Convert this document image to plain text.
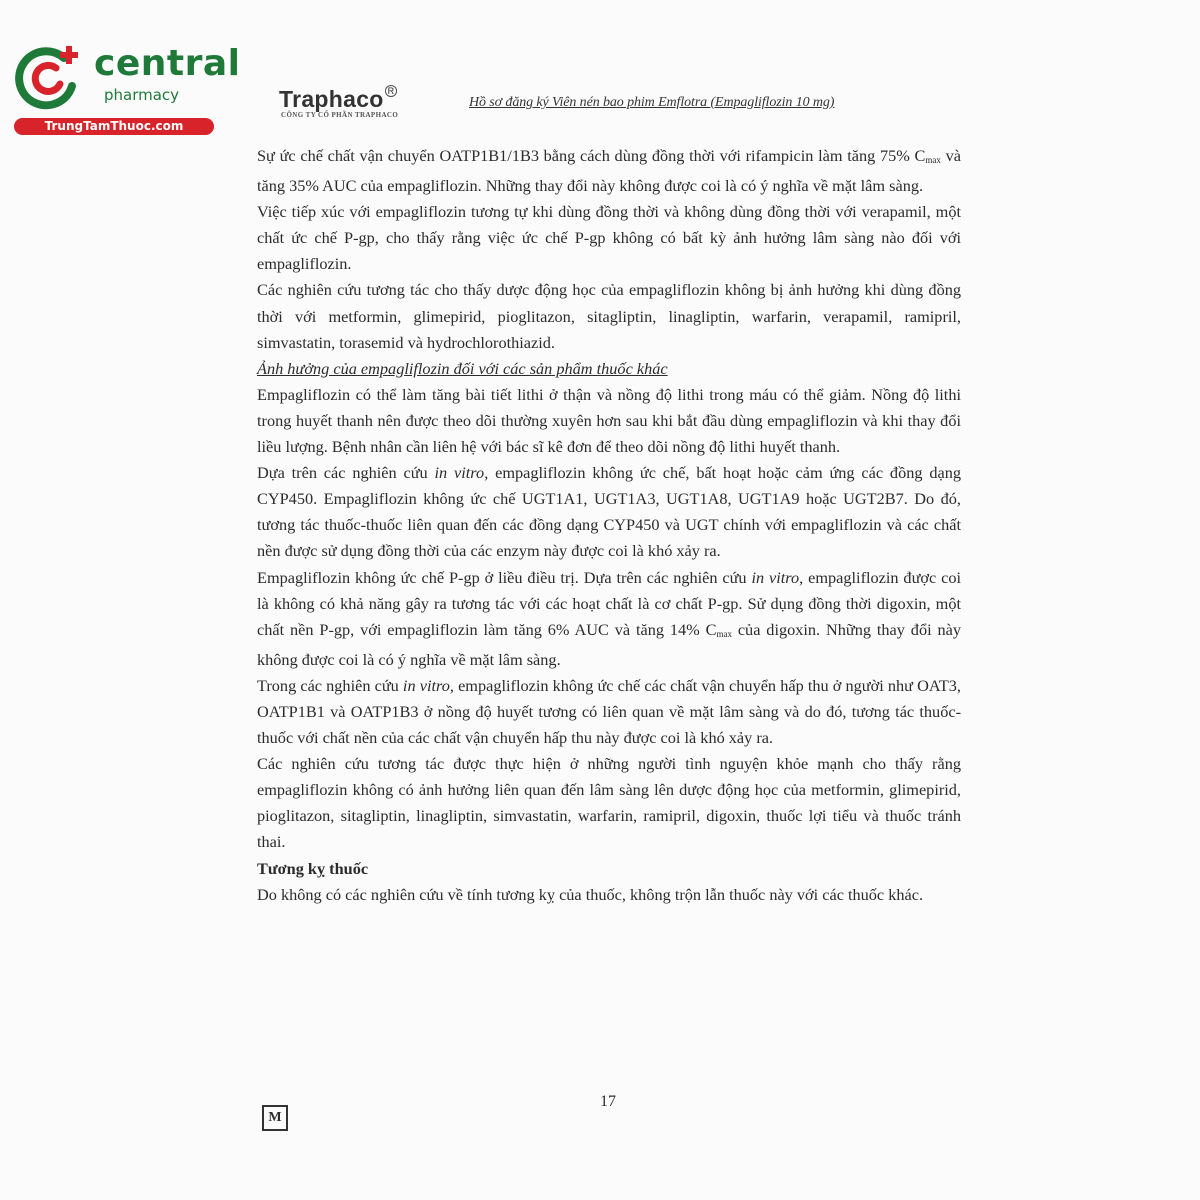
central
pharmacy
TrungTamThuoc.com
Traphaco $^R$
CÔNG TY CỔ PHẦN TRAPHACO
Hồ sơ đăng ký Viên nén bao phim Emflotra (Empagliflozin 10 mg)

Sự ức chế chất vận chuyển OATP1B1/1B3 bằng cách dùng đồng thời với rifampicin làm tăng 75% $C_{max}$ và tăng 35% AUC của empagliflozin. Những thay đổi này không được coi là có ý nghĩa về mặt lâm sàng.

Việc tiếp xúc với empagliflozin tương tự khi dùng đồng thời và không dùng đồng thời với verapamil, một chất ức chế P-gp, cho thấy rằng việc ức chế P-gp không có bất kỳ ảnh hưởng lâm sàng nào đối với empagliflozin.

Các nghiên cứu tương tác cho thấy dược động học của empagliflozin không bị ảnh hưởng khi dùng đồng thời với metformin, glimepirid, pioglitazon, sitagliptin, linagliptin, warfarin, verapamil, ramipril, simvastatin, torasemid và hydrochlorothiazid.

Ảnh hưởng của empagliflozin đối với các sản phẩm thuốc khác

Empagliflozin có thể làm tăng bài tiết lithi ở thận và nồng độ lithi trong máu có thể giảm. Nồng độ lithi trong huyết thanh nên được theo dõi thường xuyên hơn sau khi bắt đầu dùng empagliflozin và khi thay đổi liều lượng. Bệnh nhân cần liên hệ với bác sĩ kê đơn để theo dõi nồng độ lithi huyết thanh.

Dựa trên các nghiên cứu in vitro, empagliflozin không ức chế, bất hoạt hoặc cảm ứng các đồng dạng CYP450. Empagliflozin không ức chế UGT1A1, UGT1A3, UGT1A8, UGT1A9 hoặc UGT2B7. Do đó, tương tác thuốc-thuốc liên quan đến các đồng dạng CYP450 và UGT chính với empagliflozin và các chất nền được sử dụng đồng thời của các enzym này được coi là khó xảy ra.

Empagliflozin không ức chế P-gp ở liều điều trị. Dựa trên các nghiên cứu in vitro, empagliflozin được coi là không có khả năng gây ra tương tác với các hoạt chất là cơ chất P-gp. Sử dụng đồng thời digoxin, một chất nền P-gp, với empagliflozin làm tăng 6% AUC và tăng 14% $C_{max}$ của digoxin. Những thay đổi này không được coi là có ý nghĩa về mặt lâm sàng.

Trong các nghiên cứu in vitro, empagliflozin không ức chế các chất vận chuyển hấp thu ở người như OAT3, OATP1B1 và OATP1B3 ở nồng độ huyết tương có liên quan về mặt lâm sàng và do đó, tương tác thuốc-thuốc với chất nền của các chất vận chuyển hấp thu này được coi là khó xảy ra.

Các nghiên cứu tương tác được thực hiện ở những người tình nguyện khỏe mạnh cho thấy rằng empagliflozin không có ảnh hưởng liên quan đến lâm sàng lên dược động học của metformin, glimepirid, pioglitazon, sitagliptin, linagliptin, simvastatin, warfarin, ramipril, digoxin, thuốc lợi tiểu và thuốc tránh thai.

Tương kỵ thuốc

Do không có các nghiên cứu về tính tương kỵ của thuốc, không trộn lẫn thuốc này với các thuốc khác.

17
M
